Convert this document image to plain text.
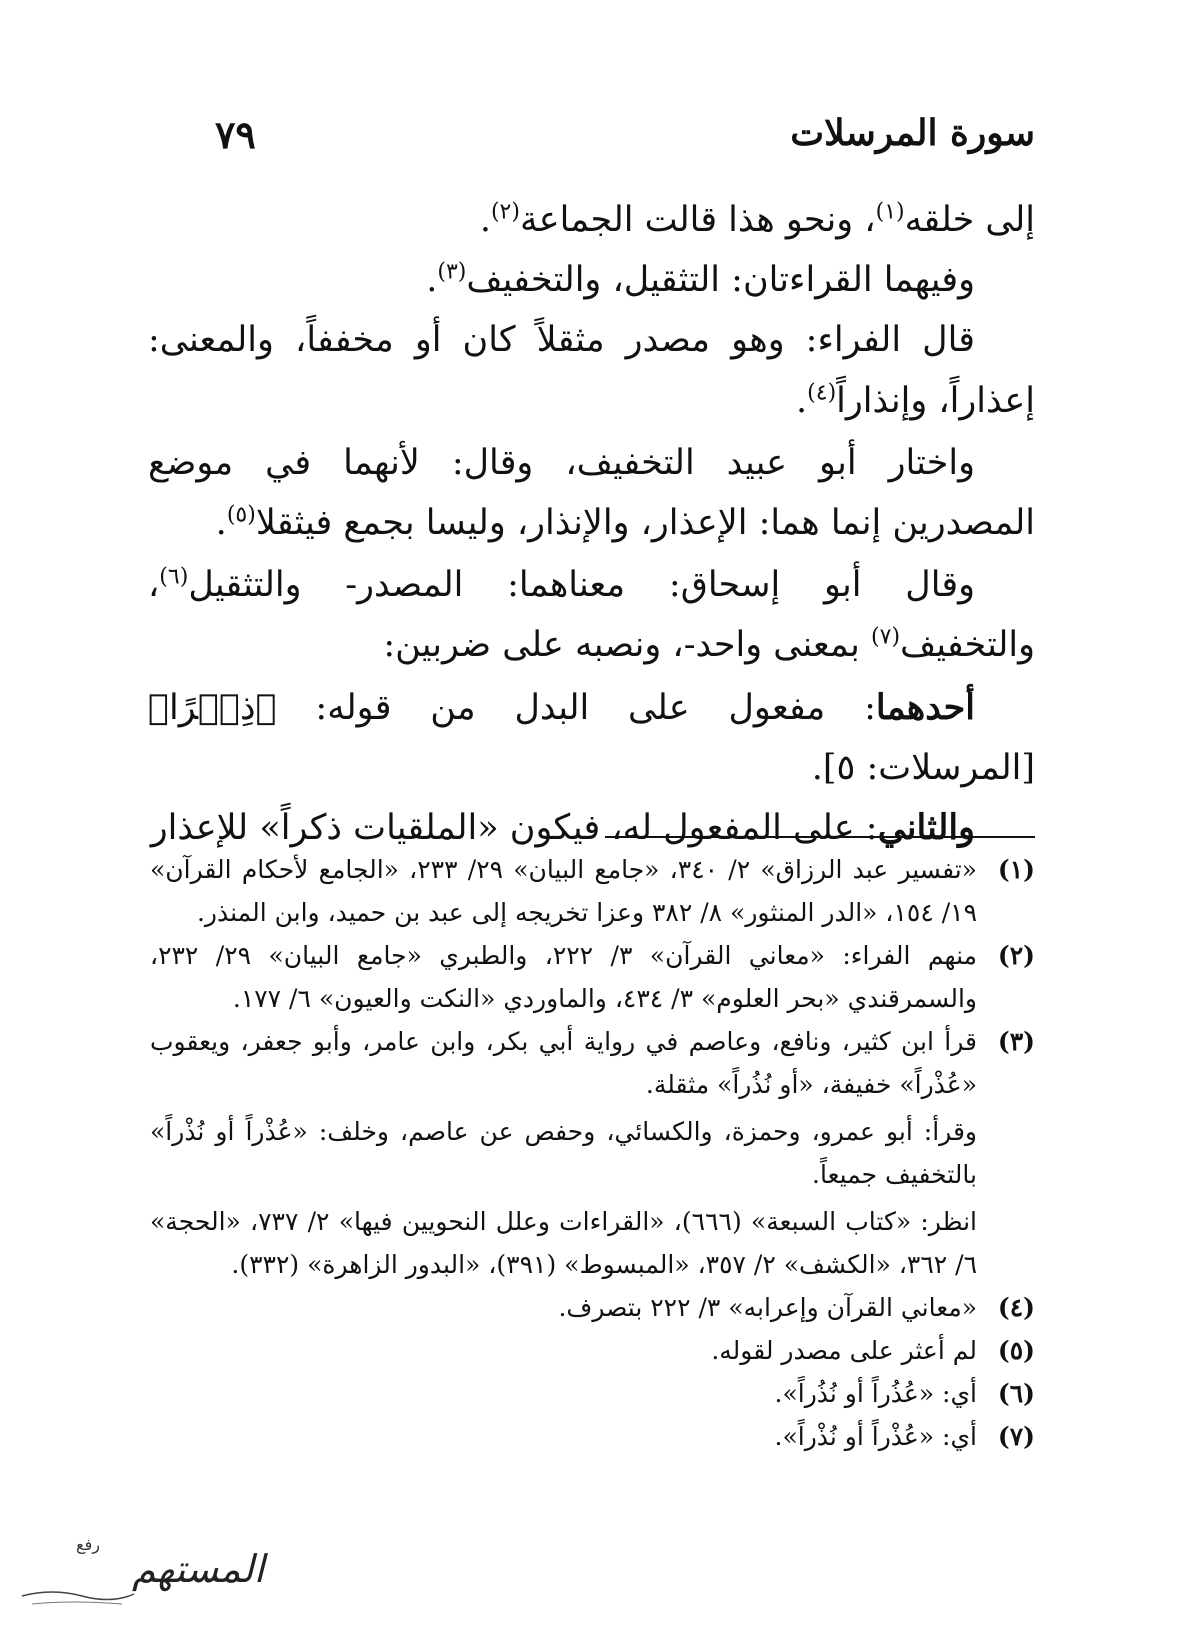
سورة المرسلات
٧٩

إلى خلقه$^{(١)}$، ونحو هذا قالت الجماعة$^{(٢)}$.

وفيهما القراءتان: التثقيل، والتخفيف$^{(٣)}$.

قال الفراء: وهو مصدر مثقلاً كان أو مخففاً، والمعنى: إعذاراً، وإنذاراً$^{(٤)}$.

واختار أبو عبيد التخفيف، وقال: لأنهما في موضع المصدرين إنما هما: الإعذار، والإنذار، وليسا بجمع فيثقلا$^{(٥)}$.

وقال أبو إسحاق: معناهما: المصدر- والتثقيل$^{(٦)}$، والتخفيف$^{(٧)}$ بمعنى واحد-، ونصبه على ضربين:

أحدهما: مفعول على البدل من قوله: ﴿ذِكۡرًا﴾ [المرسلات: ٥].

والثاني: على المفعول له، فيكون «الملقيات ذكراً» للإعذار

(١)
«تفسير عبد الرزاق» ٢/ ٣٤٠، «جامع البيان» ٢٩/ ٢٣٣، «الجامع لأحكام القرآن» ١٩/ ١٥٤، «الدر المنثور» ٨/ ٣٨٢ وعزا تخريجه إلى عبد بن حميد، وابن المنذر.
(٢)
منهم الفراء: «معاني القرآن» ٣/ ٢٢٢، والطبري «جامع البيان» ٢٩/ ٢٣٢، والسمرقندي «بحر العلوم» ٣/ ٤٣٤، والماوردي «النكت والعيون» ٦/ ١٧٧.
(٣)
قرأ ابن كثير، ونافع، وعاصم في رواية أبي بكر، وابن عامر، وأبو جعفر، ويعقوب «عُذْراً» خفيفة، «أو نُذُراً» مثقلة.
وقرأ: أبو عمرو، وحمزة، والكسائي، وحفص عن عاصم، وخلف: «عُذْراً أو نُذْراً» بالتخفيف جميعاً.
انظر: «كتاب السبعة» (٦٦٦)، «القراءات وعلل النحويين فيها» ٢/ ٧٣٧، «الحجة» ٦/ ٣٦٢، «الكشف» ٢/ ٣٥٧، «المبسوط» (٣٩١)، «البدور الزاهرة» (٣٣٢).
(٤)
«معاني القرآن وإعرابه» ٣/ ٢٢٢ بتصرف.
(٥)
لم أعثر على مصدر لقوله.
(٦)
أي: «عُذُراً أو نُذُراً».
(٧)
أي: «عُذْراً أو نُذْراً».
المستهم
رفع
